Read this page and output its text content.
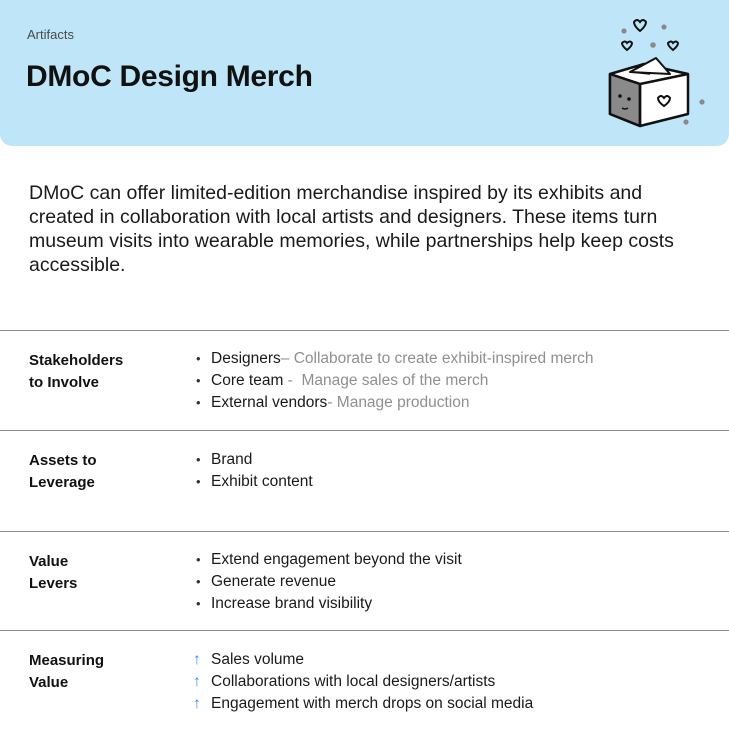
Artifacts
DMoC Design Merch
DMoC can offer limited-edition merchandise inspired by its exhibits and created in collaboration with local artists and designers. These items turn museum visits into wearable memories, while partnerships help keep costs accessible.
Stakeholders
to Involve
• Designers – Collaborate to create exhibit-inspired merch
• Core team -  Manage sales of the merch
• External vendors - Manage production
Assets to
Leverage
• Brand
• Exhibit content
Value
Levers
• Extend engagement beyond the visit
• Generate revenue
• Increase brand visibility
Measuring
Value
↑ Sales volume
↑ Collaborations with local designers/artists
↑ Engagement with merch drops on social media
